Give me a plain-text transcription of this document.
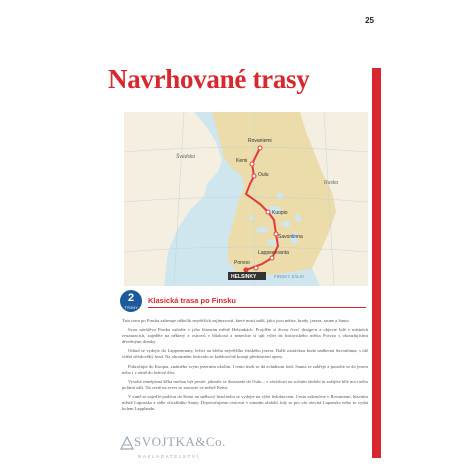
25
Navrhované trasy
Rovaniemi
Kemi
Oulu
Kuopio
Savonlinna
Lappeenranta
Porvoo
Švédsko
Rusko
FINSKÝ ZÁLIV
HELSINKY
2
TÝDNY
Klasická trasa po Finsku

Tato trasa po Finsku zahrnuje několik největších zajímavostí, které musí zažít, jako jsou města, hrady, jezera, saune a Santa.

Svou návštěvu Finska začněte v jeho hlavním městě Helsinkách. Projděte si živou čtvrť design-u a objevte lidé v místních restauracích, zajeděte na některý z ostrovů v blízkosti a nenechte si ujít výlet do historického města Porvoo s okouzlujícími dřevěnými domky.

Odtud se vydejte do Lappeenranty, ležící na břehu největšího finského jezera. Další zastávkou bude nádherná Savonlinna, s níž vítězí středověký hrad. Na ohromném festivalu se každoročně konají představení opery.

Pokračujte do Kuopia, známého svým jezerním okolím. I tento úsek se dá zvládnout lodí. Sauna se zahřeje a ponořte se do jezera nebo i v zimě do ledové díry.

Vysoká zeměpisná šířka mohou být pestré, jakmile se dostanete do Oulu – v závislosti na ročním období tu zažijete bílé noci nebo polární záři. Na cestě na sever se zastavte ve městě Kemi.

V zimě se zajeďte podívat do Kemi na sněhový hrad nebo se vydejte na výlet ledoborcem. Cestu zakončete v Rovaniemi, hlavním městě Laponska a sídle oficiálního Santy. Doporučujeme cestovat v zimním období, kdy se pro vás otevírá Laponsko nebo se vydat kolem Lapplandu.

SVOJTKA&Co.
NAKLADATELSTVÍ
